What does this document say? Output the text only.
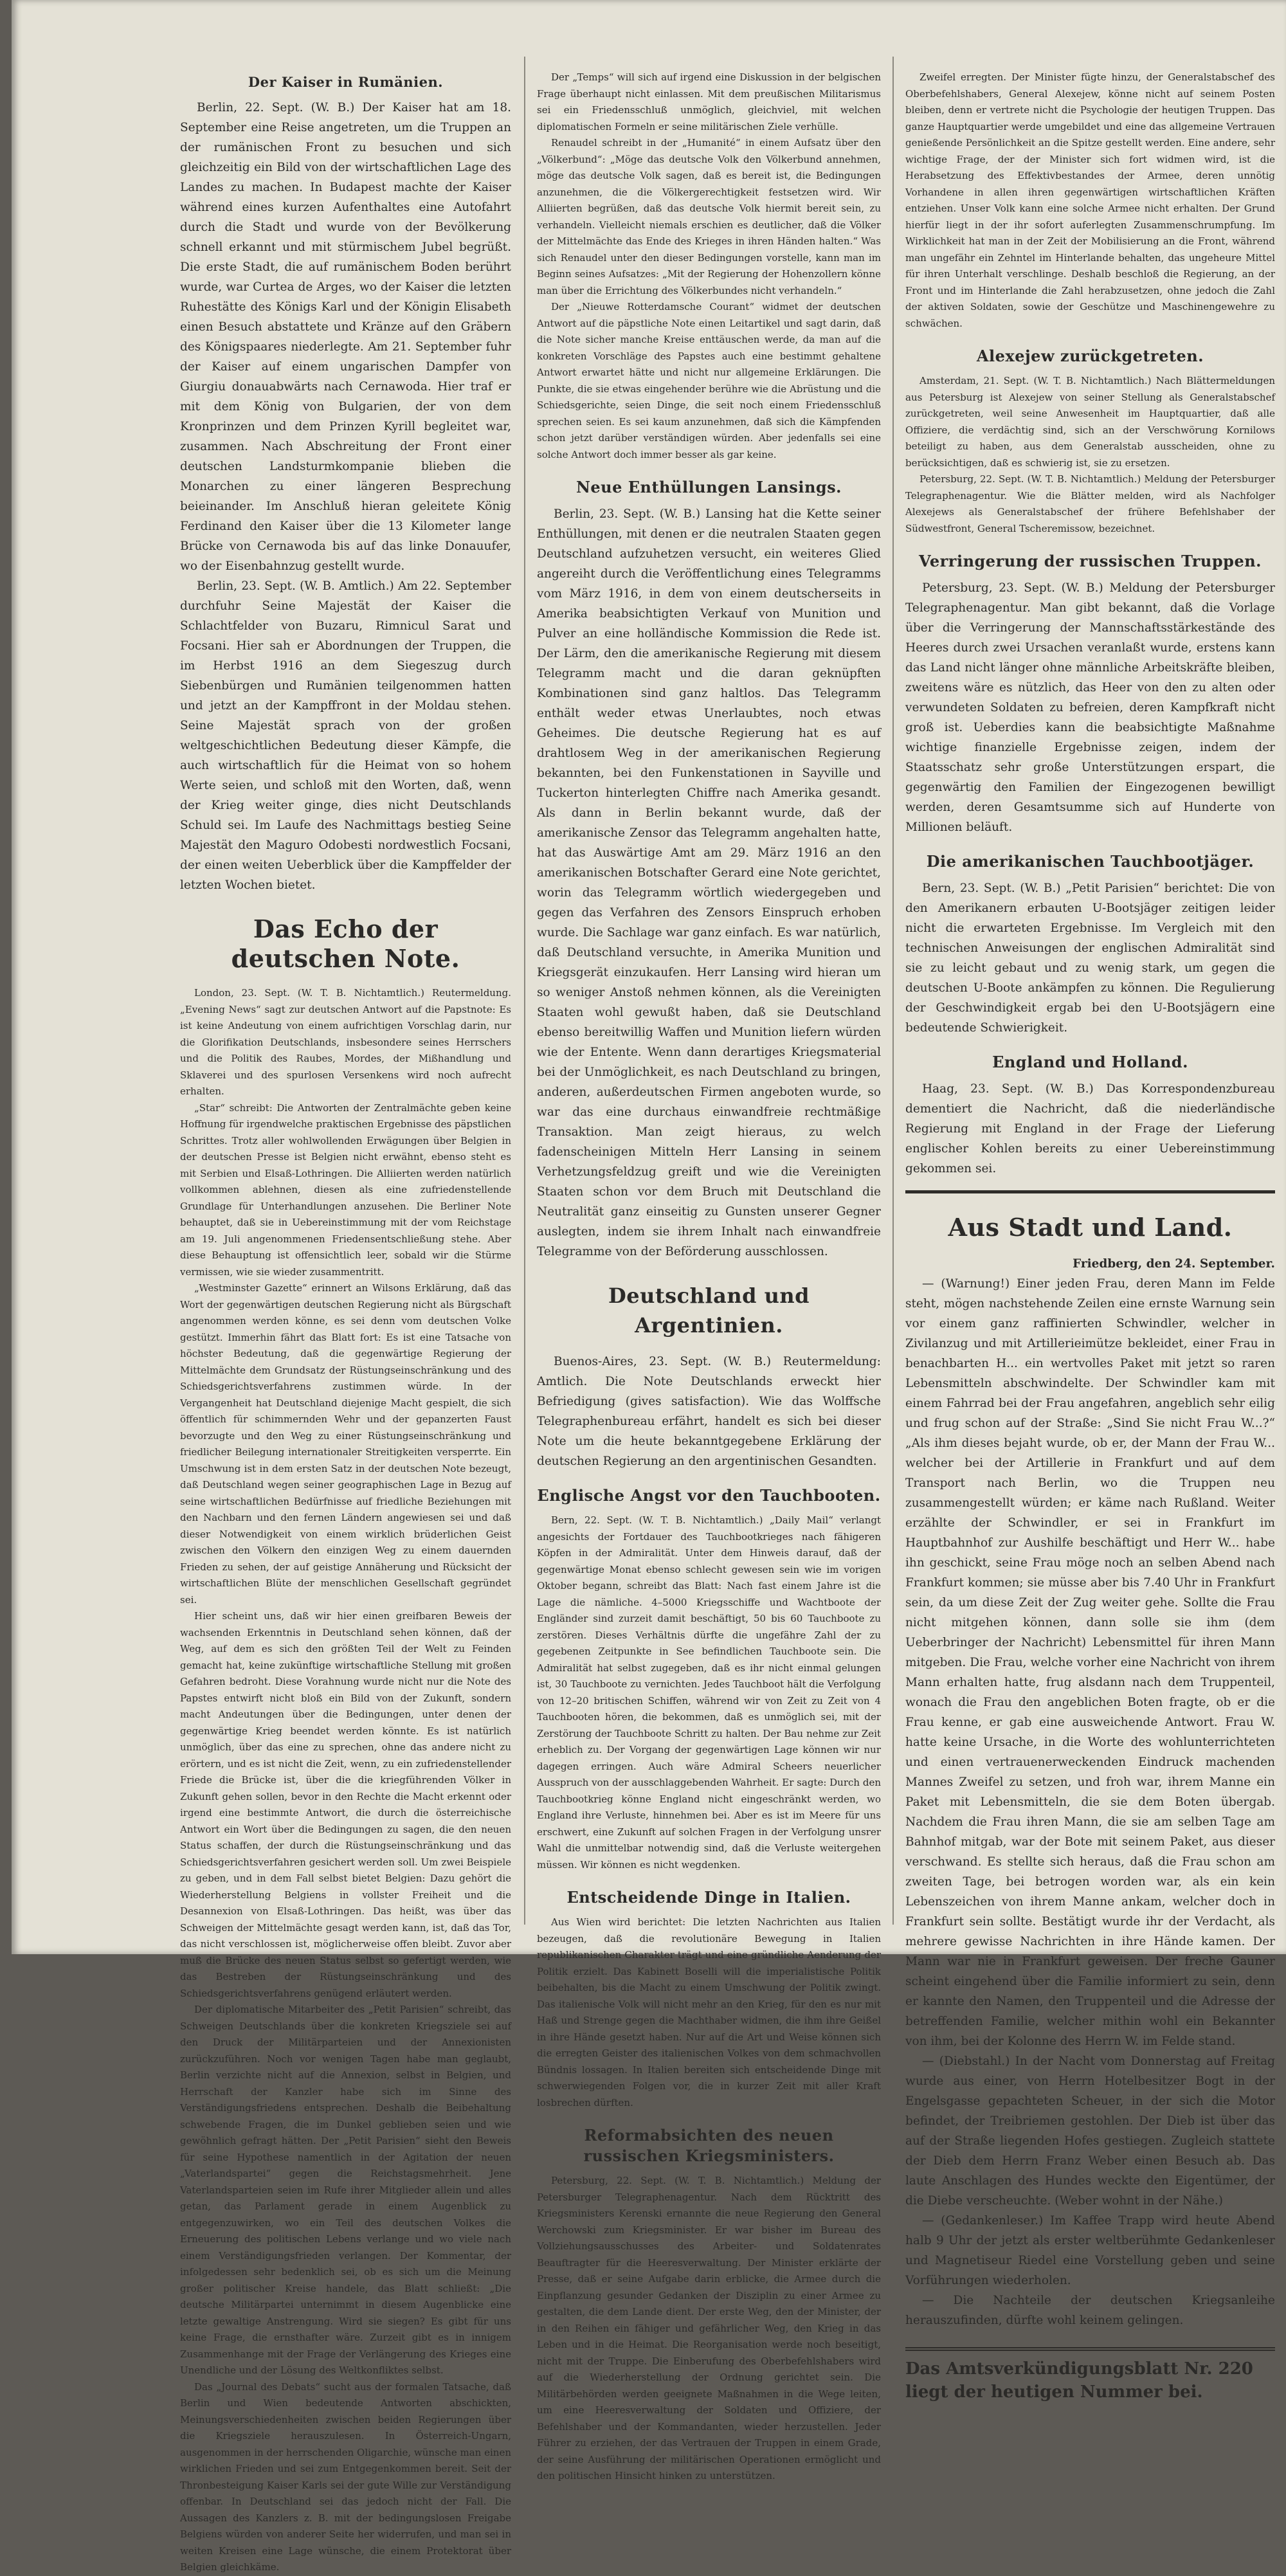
Der Kaiser in Rumänien.

Berlin, 22. Sept. (W. B.) Der Kaiser hat am 18. September eine Reise angetreten, um die Truppen an der rumänischen Front zu besuchen und sich gleichzeitig ein Bild von der wirtschaftlichen Lage des Landes zu machen. In Budapest machte der Kaiser während eines kurzen Aufenthaltes eine Autofahrt durch die Stadt und wurde von der Bevölkerung schnell erkannt und mit stürmischem Jubel begrüßt. Die erste Stadt, die auf rumänischem Boden berührt wurde, war Curtea de Arges, wo der Kaiser die letzten Ruhestätte des Königs Karl und der Königin Elisabeth einen Besuch abstattete und Kränze auf den Gräbern des Königspaares niederlegte. Am 21. September fuhr der Kaiser auf einem ungarischen Dampfer von Giurgiu donauabwärts nach Cernawoda. Hier traf er mit dem König von Bulgarien, der von dem Kronprinzen und dem Prinzen Kyrill begleitet war, zusammen. Nach Abschreitung der Front einer deutschen Landsturmkompanie blieben die Monarchen zu einer längeren Besprechung beieinander. Im Anschluß hieran geleitete König Ferdinand den Kaiser über die 13 Kilometer lange Brücke von Cernawoda bis auf das linke Donauufer, wo der Eisenbahnzug gestellt wurde.

Berlin, 23. Sept. (W. B. Amtlich.) Am 22. September durchfuhr Seine Majestät der Kaiser die Schlachtfelder von Buzaru, Rimnicul Sarat und Focsani. Hier sah er Abordnungen der Truppen, die im Herbst 1916 an dem Siegeszug durch Siebenbürgen und Rumänien teilgenommen hatten und jetzt an der Kampffront in der Moldau stehen. Seine Majestät sprach von der großen weltgeschichtlichen Bedeutung dieser Kämpfe, die auch wirtschaftlich für die Heimat von so hohem Werte seien, und schloß mit den Worten, daß, wenn der Krieg weiter ginge, dies nicht Deutschlands Schuld sei. Im Laufe des Nachmittags bestieg Seine Majestät den Maguro Odobesti nordwestlich Focsani, der einen weiten Ueberblick über die Kampffelder der letzten Wochen bietet.

Das Echo der deutschen Note.

London, 23. Sept. (W. T. B. Nichtamtlich.) Reutermeldung. „Evening News“ sagt zur deutschen Antwort auf die Papstnote: Es ist keine Andeutung von einem aufrichtigen Vorschlag darin, nur die Glorifikation Deutschlands, insbesondere seines Herrschers und die Politik des Raubes, Mordes, der Mißhandlung und Sklaverei und des spurlosen Versenkens wird noch aufrecht erhalten.

„Star“ schreibt: Die Antworten der Zentralmächte geben keine Hoffnung für irgendwelche praktischen Ergebnisse des päpstlichen Schrittes. Trotz aller wohlwollenden Erwägungen über Belgien in der deutschen Presse ist Belgien nicht erwähnt, ebenso steht es mit Serbien und Elsaß-Lothringen. Die Alliierten werden natürlich vollkommen ablehnen, diesen als eine zufriedenstellende Grundlage für Unterhandlungen anzusehen. Die Berliner Note behauptet, daß sie in Uebereinstimmung mit der vom Reichstage am 19. Juli angenommenen Friedensentschließung stehe. Aber diese Behauptung ist offensichtlich leer, sobald wir die Stürme vermissen, wie sie wieder zusammentritt.

„Westminster Gazette“ erinnert an Wilsons Erklärung, daß das Wort der gegenwärtigen deutschen Regierung nicht als Bürgschaft angenommen werden könne, es sei denn vom deutschen Volke gestützt. Immerhin fährt das Blatt fort: Es ist eine Tatsache von höchster Bedeutung, daß die gegenwärtige Regierung der Mittelmächte dem Grundsatz der Rüstungseinschränkung und des Schiedsgerichtsverfahrens zustimmen würde. In der Vergangenheit hat Deutschland diejenige Macht gespielt, die sich öffentlich für schimmernden Wehr und der gepanzerten Faust bevorzugte und den Weg zu einer Rüstungseinschränkung und friedlicher Beilegung internationaler Streitigkeiten versperrte. Ein Umschwung ist in dem ersten Satz in der deutschen Note bezeugt, daß Deutschland wegen seiner geographischen Lage in Bezug auf seine wirtschaftlichen Bedürfnisse auf friedliche Beziehungen mit den Nachbarn und den fernen Ländern angewiesen sei und daß dieser Notwendigkeit von einem wirklich brüderlichen Geist zwischen den Völkern den einzigen Weg zu einem dauernden Frieden zu sehen, der auf geistige Annäherung und Rücksicht der wirtschaftlichen Blüte der menschlichen Gesellschaft gegründet sei.

Hier scheint uns, daß wir hier einen greifbaren Beweis der wachsenden Erkenntnis in Deutschland sehen können, daß der Weg, auf dem es sich den größten Teil der Welt zu Feinden gemacht hat, keine zukünftige wirtschaftliche Stellung mit großen Gefahren bedroht. Diese Vorahnung wurde nicht nur die Note des Papstes entwirft nicht bloß ein Bild von der Zukunft, sondern macht Andeutungen über die Bedingungen, unter denen der gegenwärtige Krieg beendet werden könnte. Es ist natürlich unmöglich, über das eine zu sprechen, ohne das andere nicht zu erörtern, und es ist nicht die Zeit, wenn, zu ein zufriedenstellender Friede die Brücke ist, über die die kriegführenden Völker in Zukunft gehen sollen, bevor in den Rechte die Macht erkennt oder irgend eine bestimmte Antwort, die durch die österreichische Antwort ein Wort über die Bedingungen zu sagen, die den neuen Status schaffen, der durch die Rüstungseinschränkung und das Schiedsgerichtsverfahren gesichert werden soll. Um zwei Beispiele zu geben, und in dem Fall selbst bietet Belgien: Dazu gehört die Wiederherstellung Belgiens in vollster Freiheit und die Desannexion von Elsaß-Lothringen. Das heißt, was über das Schweigen der Mittelmächte gesagt werden kann, ist, daß das Tor, das nicht verschlossen ist, möglicherweise offen bleibt. Zuvor aber muß die Brücke des neuen Status selbst so gefertigt werden, wie das Bestreben der Rüstungseinschränkung und des Schiedsgerichtsverfahrens genügend erläutert werden.

Der diplomatische Mitarbeiter des „Petit Parisien“ schreibt, das Schweigen Deutschlands über die konkreten Kriegsziele sei auf den Druck der Militärparteien und der Annexionisten zurückzuführen. Noch vor wenigen Tagen habe man geglaubt, Berlin verzichte nicht auf die Annexion, selbst in Belgien, und Herrschaft der Kanzler habe sich im Sinne des Verständigungsfriedens entsprechen. Deshalb die Beibehaltung schwebende Fragen, die im Dunkel geblieben seien und wie gewöhnlich gefragt hätten. Der „Petit Parisien“ sieht den Beweis für seine Hypothese namentlich in der Agitation der neuen „Vaterlandspartei“ gegen die Reichstagsmehrheit. Jene Vaterlandsparteien seien im Rufe ihrer Mitglieder allein und alles getan, das Parlament gerade in einem Augenblick zu entgegenzuwirken, wo ein Teil des deutschen Volkes die Erneuerung des politischen Lebens verlange und wo viele nach einem Verständigungsfrieden verlangen. Der Kommentar, der infolgedessen sehr bedenklich sei, ob es sich um die Meinung großer politischer Kreise handele, das Blatt schließt: „Die deutsche Militärpartei unternimmt in diesem Augenblicke eine letzte gewaltige Anstrengung. Wird sie siegen? Es gibt für uns keine Frage, die ernsthafter wäre. Zurzeit gibt es in innigem Zusammenhange mit der Frage der Verlängerung des Krieges eine Unendliche und der Lösung des Weltkonfliktes selbst.

Das „Journal des Debats“ sucht aus der formalen Tatsache, daß Berlin und Wien bedeutende Antworten abschickten, Meinungsverschiedenheiten zwischen beiden Regierungen über die Kriegsziele herauszulesen. In Österreich-Ungarn, ausgenommen in der herrschenden Oligarchie, wünsche man einen wirklichen Frieden und sei zum Entgegenkommen bereit. Seit der Thronbesteigung Kaiser Karls sei der gute Wille zur Verständigung offenbar. In Deutschland sei das jedoch nicht der Fall. Die Aussagen des Kanzlers z. B. mit der bedingungslosen Freigabe Belgiens würden von anderer Seite her widerrufen, und man sei in weiten Kreisen eine Lage wünsche, die einem Protektorat über Belgien gleichkäme.

Der „Temps“ will sich auf irgend eine Diskussion in der belgischen Frage überhaupt nicht einlassen. Mit dem preußischen Militarismus sei ein Friedensschluß unmöglich, gleichviel, mit welchen diplomatischen Formeln er seine militärischen Ziele verhülle.

Renaudel schreibt in der „Humanité“ in einem Aufsatz über den „Völkerbund“: „Möge das deutsche Volk den Völkerbund annehmen, möge das deutsche Volk sagen, daß es bereit ist, die Bedingungen anzunehmen, die die Völkergerechtigkeit festsetzen wird. Wir Alliierten begrüßen, daß das deutsche Volk hiermit bereit sein, zu verhandeln. Vielleicht niemals erschien es deutlicher, daß die Völker der Mittelmächte das Ende des Krieges in ihren Händen halten.“ Was sich Renaudel unter den dieser Bedingungen vorstelle, kann man im Beginn seines Aufsatzes: „Mit der Regierung der Hohenzollern könne man über die Errichtung des Völkerbundes nicht verhandeln.“

Der „Nieuwe Rotterdamsche Courant“ widmet der deutschen Antwort auf die päpstliche Note einen Leitartikel und sagt darin, daß die Note sicher manche Kreise enttäuschen werde, da man auf die konkreten Vorschläge des Papstes auch eine bestimmt gehaltene Antwort erwartet hätte und nicht nur allgemeine Erklärungen. Die Punkte, die sie etwas eingehender berühre wie die Abrüstung und die Schiedsgerichte, seien Dinge, die seit noch einem Friedensschluß sprechen seien. Es sei kaum anzunehmen, daß sich die Kämpfenden schon jetzt darüber verständigen würden. Aber jedenfalls sei eine solche Antwort doch immer besser als gar keine.

Neue Enthüllungen Lansings.

Berlin, 23. Sept. (W. B.) Lansing hat die Kette seiner Enthüllungen, mit denen er die neutralen Staaten gegen Deutschland aufzuhetzen versucht, ein weiteres Glied angereiht durch die Veröffentlichung eines Telegramms vom März 1916, in dem von einem deutscherseits in Amerika beabsichtigten Verkauf von Munition und Pulver an eine holländische Kommission die Rede ist. Der Lärm, den die amerikanische Regierung mit diesem Telegramm macht und die daran geknüpften Kombinationen sind ganz haltlos. Das Telegramm enthält weder etwas Unerlaubtes, noch etwas Geheimes. Die deutsche Regierung hat es auf drahtlosem Weg in der amerikanischen Regierung bekannten, bei den Funkenstationen in Sayville und Tuckerton hinterlegten Chiffre nach Amerika gesandt. Als dann in Berlin bekannt wurde, daß der amerikanische Zensor das Telegramm angehalten hatte, hat das Auswärtige Amt am 29. März 1916 an den amerikanischen Botschafter Gerard eine Note gerichtet, worin das Telegramm wörtlich wiedergegeben und gegen das Verfahren des Zensors Einspruch erhoben wurde. Die Sachlage war ganz einfach. Es war natürlich, daß Deutschland versuchte, in Amerika Munition und Kriegsgerät einzukaufen. Herr Lansing wird hieran um so weniger Anstoß nehmen können, als die Vereinigten Staaten wohl gewußt haben, daß sie Deutschland ebenso bereitwillig Waffen und Munition liefern würden wie der Entente. Wenn dann derartiges Kriegsmaterial bei der Unmöglichkeit, es nach Deutschland zu bringen, anderen, außerdeutschen Firmen angeboten wurde, so war das eine durchaus einwandfreie rechtmäßige Transaktion. Man zeigt hieraus, zu welch fadenscheinigen Mitteln Herr Lansing in seinem Verhetzungsfeldzug greift und wie die Vereinigten Staaten schon vor dem Bruch mit Deutschland die Neutralität ganz einseitig zu Gunsten unserer Gegner auslegten, indem sie ihrem Inhalt nach einwandfreie Telegramme von der Beförderung ausschlossen.

Deutschland und Argentinien.

Buenos-Aires, 23. Sept. (W. B.) Reutermeldung: Amtlich. Die Note Deutschlands erweckt hier Befriedigung (gives satisfaction). Wie das Wolffsche Telegraphenbureau erfährt, handelt es sich bei dieser Note um die heute bekanntgegebene Erklärung der deutschen Regierung an den argentinischen Gesandten.

Englische Angst vor den Tauchbooten.

Bern, 22. Sept. (W. T. B. Nichtamtlich.) „Daily Mail“ verlangt angesichts der Fortdauer des Tauchbootkrieges nach fähigeren Köpfen in der Admiralität. Unter dem Hinweis darauf, daß der gegenwärtige Monat ebenso schlecht gewesen sein wie im vorigen Oktober begann, schreibt das Blatt: Nach fast einem Jahre ist die Lage die nämliche. 4–5000 Kriegsschiffe und Wachtboote der Engländer sind zurzeit damit beschäftigt, 50 bis 60 Tauchboote zu zerstören. Dieses Verhältnis dürfte die ungefähre Zahl der zu gegebenen Zeitpunkte in See befindlichen Tauchboote sein. Die Admiralität hat selbst zugegeben, daß es ihr nicht einmal gelungen ist, 30 Tauchboote zu vernichten. Jedes Tauchboot hält die Verfolgung von 12–20 britischen Schiffen, während wir von Zeit zu Zeit von 4 Tauchbooten hören, die bekommen, daß es unmöglich sei, mit der Zerstörung der Tauchboote Schritt zu halten. Der Bau nehme zur Zeit erheblich zu. Der Vorgang der gegenwärtigen Lage können wir nur dagegen erringen. Auch wäre Admiral Scheers neuerlicher Ausspruch von der ausschlaggebenden Wahrheit. Er sagte: Durch den Tauchbootkrieg könne England nicht eingeschränkt werden, wo England ihre Verluste, hinnehmen bei. Aber es ist im Meere für uns erschwert, eine Zukunft auf solchen Fragen in der Verfolgung unsrer Wahl die unmittelbar notwendig sind, daß die Verluste weitergehen müssen. Wir können es nicht wegdenken.

Entscheidende Dinge in Italien.

Aus Wien wird berichtet: Die letzten Nachrichten aus Italien bezeugen, daß die revolutionäre Bewegung in Italien republikanischen Charakter trägt und eine gründliche Aenderung der Politik erzielt. Das Kabinett Boselli will die imperialistische Politik beibehalten, bis die Macht zu einem Umschwung der Politik zwingt. Das italienische Volk will nicht mehr an den Krieg, für den es nur mit Haß und Strenge gegen die Machthaber widmen, die ihm ihre Geißel in ihre Hände gesetzt haben. Nur auf die Art und Weise können sich die erregten Geister des italienischen Volkes von dem schmachvollen Bündnis lossagen. In Italien bereiten sich entscheidende Dinge mit schwerwiegenden Folgen vor, die in kurzer Zeit mit aller Kraft losbrechen dürften.

Reformabsichten des neuen russischen Kriegsministers.

Petersburg, 22. Sept. (W. T. B. Nichtamtlich.) Meldung der Petersburger Telegraphenagentur. Nach dem Rücktritt des Kriegsministers Kerenski ernannte die neue Regierung den General Werchowski zum Kriegsminister. Er war bisher im Bureau des Vollziehungsausschusses des Arbeiter- und Soldatenrates Beauftragter für die Heeresverwaltung. Der Minister erklärte der Presse, daß er seine Aufgabe darin erblicke, die Armee durch die Einpflanzung gesunder Gedanken der Disziplin zu einer Armee zu gestalten, die dem Lande dient. Der erste Weg, den der Minister, der in den Reihen ein fähiger und gefährlicher Weg, den Krieg in das Leben und in die Heimat. Die Reorganisation werde noch beseitigt, nicht mit der Truppe. Die Einberufung des Oberbefehlshabers wird auf die Wiederherstellung der Ordnung gerichtet sein. Die Militärbehörden werden geeignete Maßnahmen in die Wege leiten, um eine Heeresverwaltung der Soldaten und Offiziere, der Befehlshaber und der Kommandanten, wieder herzustellen. Jeder Führer zu erziehen, der das Vertrauen der Truppen in einem Grade, der seine Ausführung der militärischen Operationen ermöglicht und den politischen Hinsicht hinken zu unterstützen.

Zweifel erregten. Der Minister fügte hinzu, der Generalstabschef des Oberbefehlshabers, General Alexejew, könne nicht auf seinem Posten bleiben, denn er vertrete nicht die Psychologie der heutigen Truppen. Das ganze Hauptquartier werde umgebildet und eine das allgemeine Vertrauen genießende Persönlichkeit an die Spitze gestellt werden. Eine andere, sehr wichtige Frage, der der Minister sich fort widmen wird, ist die Herabsetzung des Effektivbestandes der Armee, deren unnötig Vorhandene in allen ihren gegenwärtigen wirtschaftlichen Kräften entziehen. Unser Volk kann eine solche Armee nicht erhalten. Der Grund hierfür liegt in der ihr sofort auferlegten Zusammenschrumpfung. Im Wirklichkeit hat man in der Zeit der Mobilisierung an die Front, während man ungefähr ein Zehntel im Hinterlande behalten, das ungeheure Mittel für ihren Unterhalt verschlinge. Deshalb beschloß die Regierung, an der Front und im Hinterlande die Zahl herabzusetzen, ohne jedoch die Zahl der aktiven Soldaten, sowie der Geschütze und Maschinengewehre zu schwächen.

Alexejew zurückgetreten.

Amsterdam, 21. Sept. (W. T. B. Nichtamtlich.) Nach Blättermeldungen aus Petersburg ist Alexejew von seiner Stellung als Generalstabschef zurückgetreten, weil seine Anwesenheit im Hauptquartier, daß alle Offiziere, die verdächtig sind, sich an der Verschwörung Kornilows beteiligt zu haben, aus dem Generalstab ausscheiden, ohne zu berücksichtigen, daß es schwierig ist, sie zu ersetzen.

Petersburg, 22. Sept. (W. T. B. Nichtamtlich.) Meldung der Petersburger Telegraphenagentur. Wie die Blätter melden, wird als Nachfolger Alexejews als Generalstabschef der frühere Befehlshaber der Südwestfront, General Tscheremissow, bezeichnet.

Verringerung der russischen Truppen.

Petersburg, 23. Sept. (W. B.) Meldung der Petersburger Telegraphenagentur. Man gibt bekannt, daß die Vorlage über die Verringerung der Mannschaftsstärkestände des Heeres durch zwei Ursachen veranlaßt wurde, erstens kann das Land nicht länger ohne männliche Arbeitskräfte bleiben, zweitens wäre es nützlich, das Heer von den zu alten oder verwundeten Soldaten zu befreien, deren Kampfkraft nicht groß ist. Ueberdies kann die beabsichtigte Maßnahme wichtige finanzielle Ergebnisse zeigen, indem der Staatsschatz sehr große Unterstützungen erspart, die gegenwärtig den Familien der Eingezogenen bewilligt werden, deren Gesamtsumme sich auf Hunderte von Millionen beläuft.

Die amerikanischen Tauchbootjäger.

Bern, 23. Sept. (W. B.) „Petit Parisien“ berichtet: Die von den Amerikanern erbauten U-Bootsjäger zeitigen leider nicht die erwarteten Ergebnisse. Im Vergleich mit den technischen Anweisungen der englischen Admiralität sind sie zu leicht gebaut und zu wenig stark, um gegen die deutschen U-Boote ankämpfen zu können. Die Regulierung der Geschwindigkeit ergab bei den U-Bootsjägern eine bedeutende Schwierigkeit.

England und Holland.

Haag, 23. Sept. (W. B.) Das Korrespondenzbureau dementiert die Nachricht, daß die niederländische Regierung mit England in der Frage der Lieferung englischer Kohlen bereits zu einer Uebereinstimmung gekommen sei.

Aus Stadt und Land.
Friedberg, den 24. September.

— (Warnung!) Einer jeden Frau, deren Mann im Felde steht, mögen nachstehende Zeilen eine ernste Warnung sein vor einem ganz raffinierten Schwindler, welcher in Zivilanzug und mit Artillerieimütze bekleidet, einer Frau in benachbarten H... ein wertvolles Paket mit jetzt so raren Lebensmitteln abschwindelte. Der Schwindler kam mit einem Fahrrad bei der Frau angefahren, angeblich sehr eilig und frug schon auf der Straße: „Sind Sie nicht Frau W...?“ „Als ihm dieses bejaht wurde, ob er, der Mann der Frau W... welcher bei der Artillerie in Frankfurt und auf dem Transport nach Berlin, wo die Truppen neu zusammengestellt würden; er käme nach Rußland. Weiter erzählte der Schwindler, er sei in Frankfurt im Hauptbahnhof zur Aushilfe beschäftigt und Herr W... habe ihn geschickt, seine Frau möge noch an selben Abend nach Frankfurt kommen; sie müsse aber bis 7.40 Uhr in Frankfurt sein, da um diese Zeit der Zug weiter gehe. Sollte die Frau nicht mitgehen können, dann solle sie ihm (dem Ueberbringer der Nachricht) Lebensmittel für ihren Mann mitgeben. Die Frau, welche vorher eine Nachricht von ihrem Mann erhalten hatte, frug alsdann nach dem Truppenteil, wonach die Frau den angeblichen Boten fragte, ob er die Frau kenne, er gab eine ausweichende Antwort. Frau W. hatte keine Ursache, in die Worte des wohlunterrichteten und einen vertrauenerweckenden Eindruck machenden Mannes Zweifel zu setzen, und froh war, ihrem Manne ein Paket mit Lebensmitteln, die sie dem Boten übergab. Nachdem die Frau ihren Mann, die sie am selben Tage am Bahnhof mitgab, war der Bote mit seinem Paket, aus dieser verschwand. Es stellte sich heraus, daß die Frau schon am zweiten Tage, bei betrogen worden war, als ein kein Lebenszeichen von ihrem Manne ankam, welcher doch in Frankfurt sein sollte. Bestätigt wurde ihr der Verdacht, als mehrere gewisse Nachrichten in ihre Hände kamen. Der Mann war nie in Frankfurt geweisen. Der freche Gauner scheint eingehend über die Familie informiert zu sein, denn er kannte den Namen, den Truppenteil und die Adresse der betreffenden Familie, welcher mithin wohl ein Bekannter von ihm, bei der Kolonne des Herrn W. im Felde stand.

— (Diebstahl.) In der Nacht vom Donnerstag auf Freitag wurde aus einer, von Herrn Hotelbesitzer Bogt in der Engelsgasse gepachteten Scheuer, in der sich die Motor befindet, der Treibriemen gestohlen. Der Dieb ist über das auf der Straße liegenden Hofes gestiegen. Zugleich stattete der Dieb dem Herrn Franz Weber einen Besuch ab. Das laute Anschlagen des Hundes weckte den Eigentümer, der die Diebe verscheuchte. (Weber wohnt in der Nähe.)

— (Gedankenleser.) Im Kaffee Trapp wird heute Abend halb 9 Uhr der jetzt als erster weltberühmte Gedankenleser und Magnetiseur Riedel eine Vorstellung geben und seine Vorführungen wiederholen.

— Die Nachteile der deutschen Kriegsanleihe herauszufinden, dürfte wohl keinem gelingen.

Das Amtsverkündigungsblatt Nr. 220 liegt der heutigen Nummer bei.
